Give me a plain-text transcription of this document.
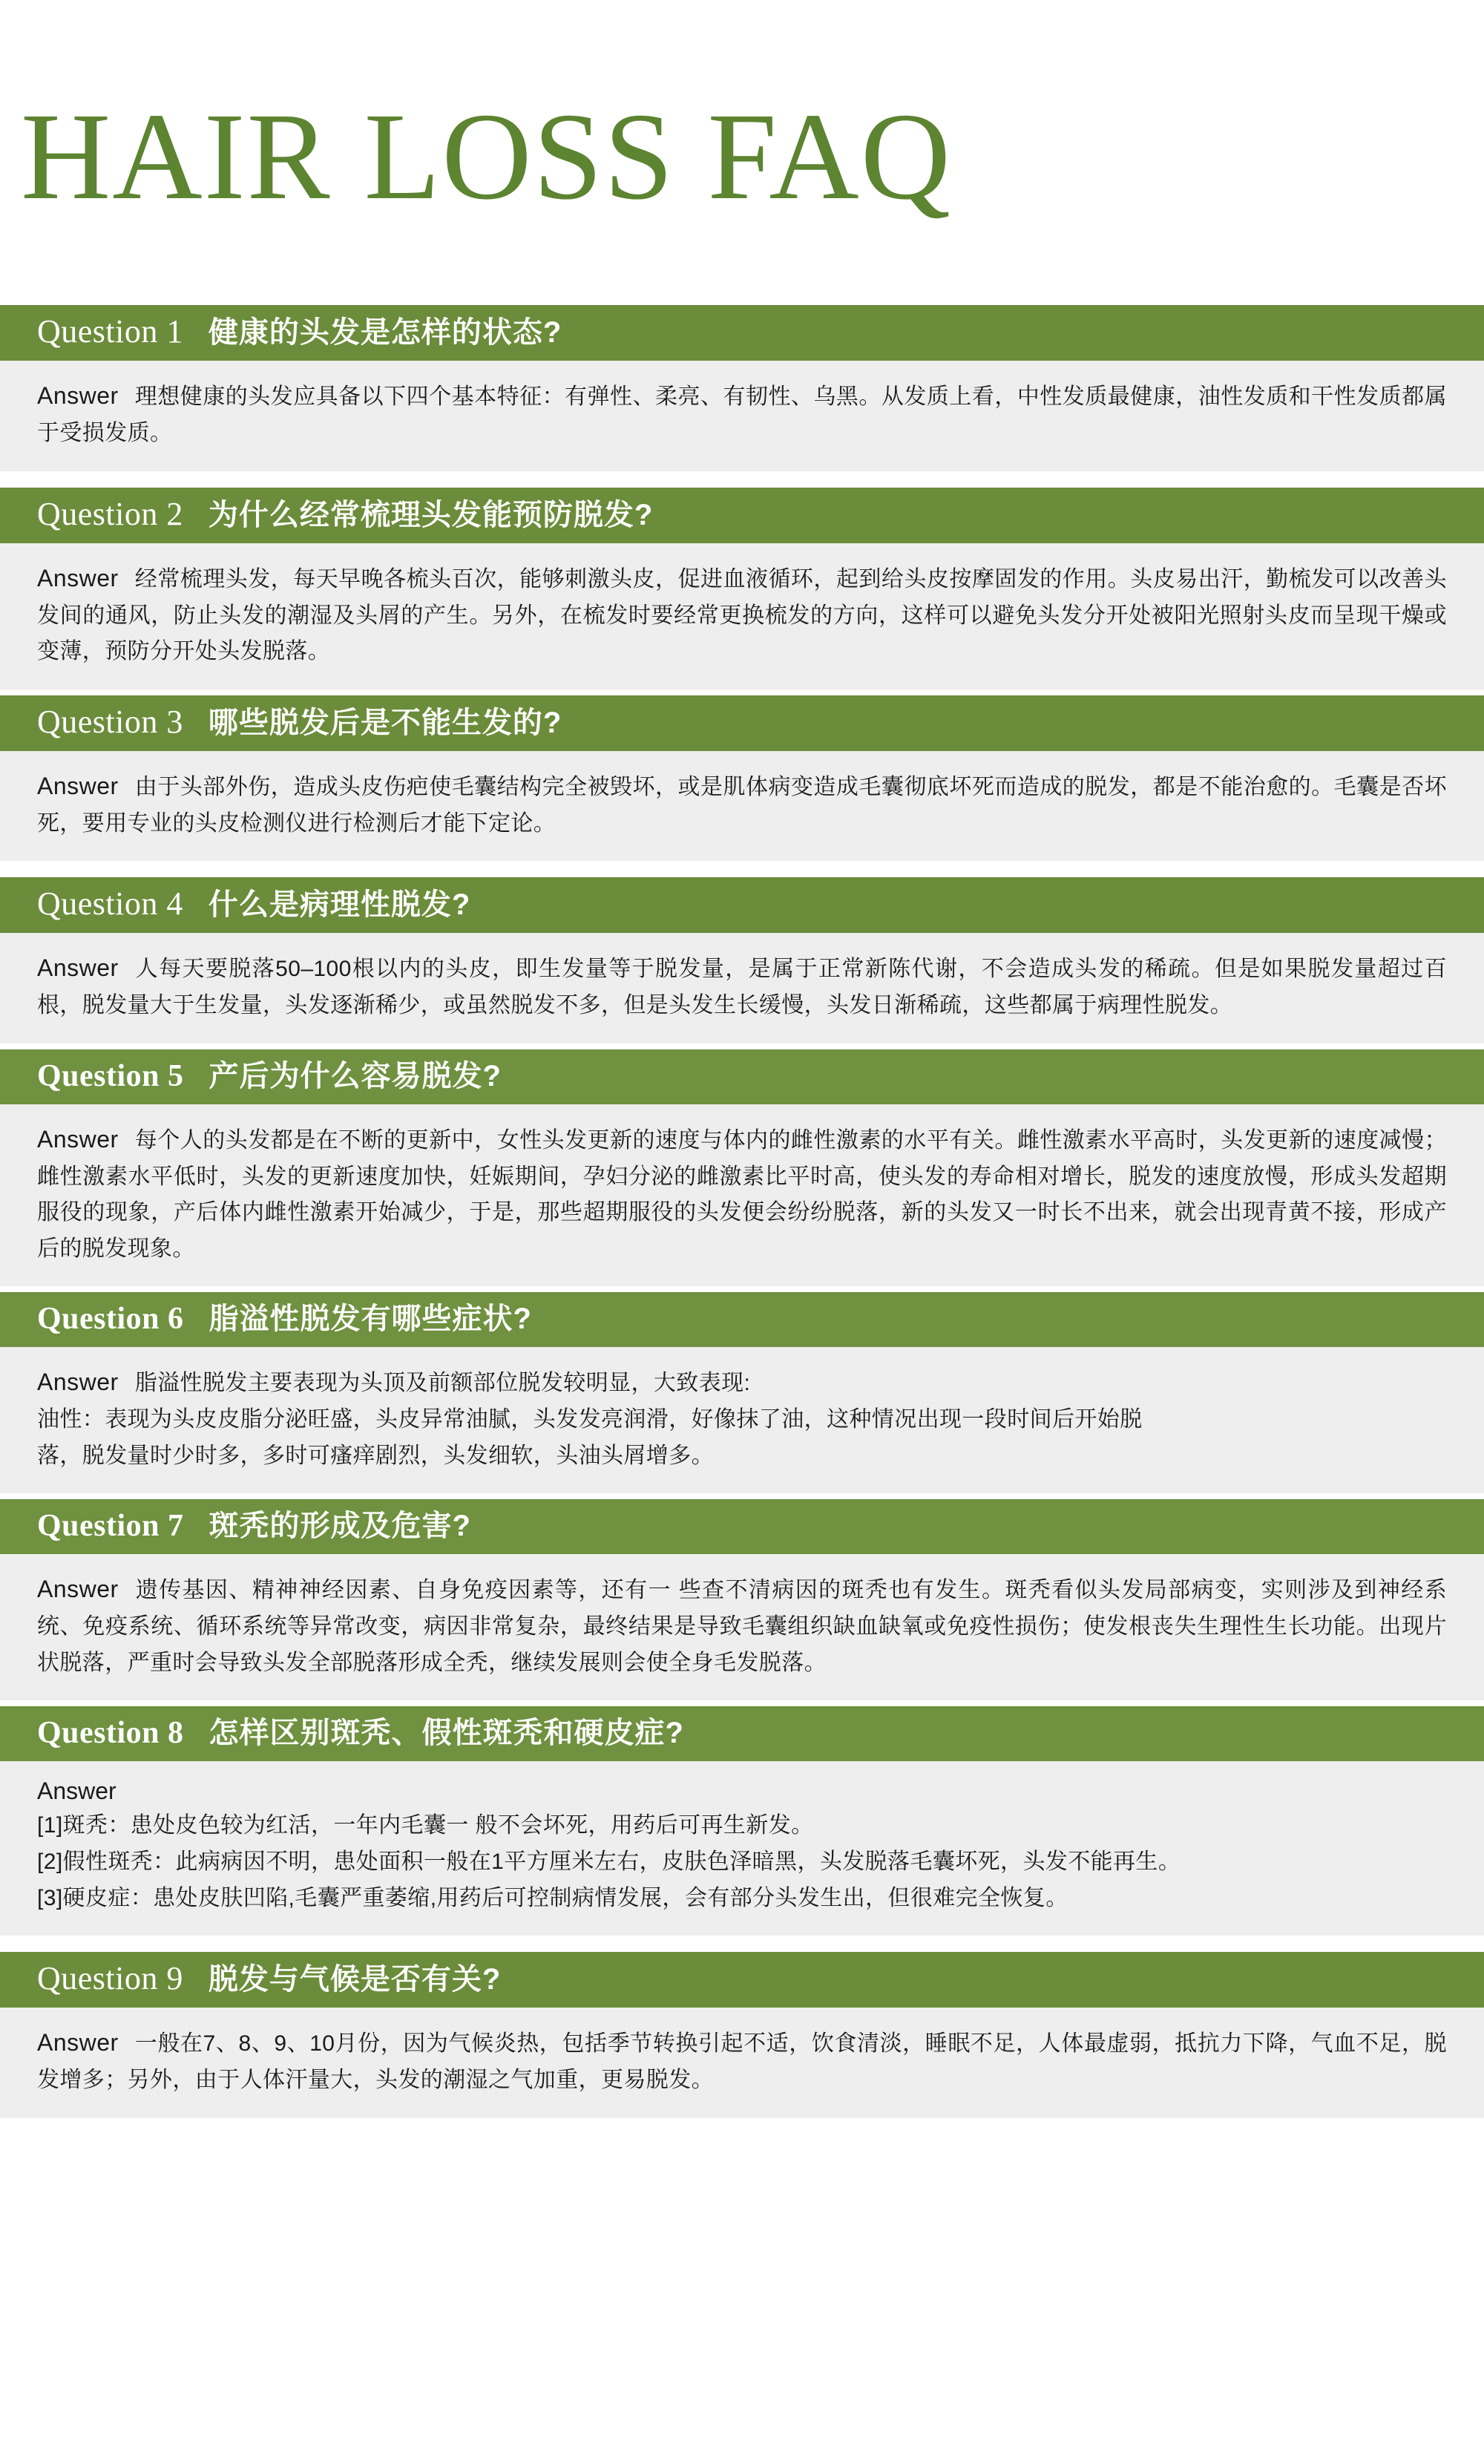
HAIR LOSS FAQ
Question 1 健康的头发是怎样的状态?

Answer 理想健康的头发应具备以下四个基本特征：有弹性、柔亮、有韧性、乌黑。从发质上看，中性发质最健康，油性发质和干性发质都属于受损发质。

Question 2 为什么经常梳理头发能预防脱发?

Answer 经常梳理头发，每天早晚各梳头百次，能够刺激头皮，促进血液循环，起到给头皮按摩固发的作用。头皮易出汗，勤梳发可以改善头发间的通风，防止头发的潮湿及头屑的产生。另外，在梳发时要经常更换梳发的方向，这样可以避免头发分开处被阳光照射头皮而呈现干燥或变薄，预防分开处头发脱落。

Question 3 哪些脱发后是不能生发的?

Answer 由于头部外伤，造成头皮伤疤使毛囊结构完全被毁坏，或是肌体病变造成毛囊彻底坏死而造成的脱发，都是不能治愈的。毛囊是否坏死，要用专业的头皮检测仪进行检测后才能下定论。

Question 4 什么是病理性脱发?

Answer 人每天要脱落50–100根以内的头皮，即生发量等于脱发量，是属于正常新陈代谢，不会造成头发的稀疏。但是如果脱发量超过百根，脱发量大于生发量，头发逐渐稀少，或虽然脱发不多，但是头发生长缓慢，头发日渐稀疏，这些都属于病理性脱发。

Question 5 产后为什么容易脱发?

Answer 每个人的头发都是在不断的更新中，女性头发更新的速度与体内的雌性激素的水平有关。雌性激素水平高时，头发更新的速度减慢；雌性激素水平低时，头发的更新速度加快，妊娠期间，孕妇分泌的雌激素比平时高，使头发的寿命相对增长，脱发的速度放慢，形成头发超期服役的现象，产后体内雌性激素开始减少，于是，那些超期服役的头发便会纷纷脱落，新的头发又一时长不出来，就会出现青黄不接，形成产后的脱发现象。

Question 6 脂溢性脱发有哪些症状?

Answer 脂溢性脱发主要表现为头顶及前额部位脱发较明显，大致表现:

油性：表现为头皮皮脂分泌旺盛，头皮异常油腻，头发发亮润滑，好像抹了油，这种情况出现一段时间后开始脱

落，脱发量时少时多，多时可瘙痒剧烈，头发细软，头油头屑增多。

Question 7 斑秃的形成及危害?

Answer 遗传基因、精神神经因素、自身免疫因素等，还有一 些查不清病因的斑秃也有发生。斑秃看似头发局部病变，实则涉及到神经系统、免疫系统、循环系统等异常改变，病因非常复杂，最终结果是导致毛囊组织缺血缺氧或免疫性损伤；使发根丧失生理性生长功能。出现片状脱落，严重时会导致头发全部脱落形成全秃，继续发展则会使全身毛发脱落。

Question 8 怎样区别斑秃、假性斑秃和硬皮症?
Answer

[1]斑秃：患处皮色较为红活，一年内毛囊一 般不会坏死，用药后可再生新发。

[2]假性斑秃：此病病因不明，患处面积一般在1平方厘米左右，皮肤色泽暗黑，头发脱落毛囊坏死，头发不能再生。

[3]硬皮症：患处皮肤凹陷,毛囊严重萎缩,用药后可控制病情发展，会有部分头发生出，但很难完全恢复。

Question 9 脱发与气候是否有关?

Answer 一般在7、8、9、10月份，因为气候炎热，包括季节转换引起不适，饮食清淡，睡眠不足，人体最虚弱，抵抗力下降，气血不足，脱发增多；另外，由于人体汗量大，头发的潮湿之气加重，更易脱发。
